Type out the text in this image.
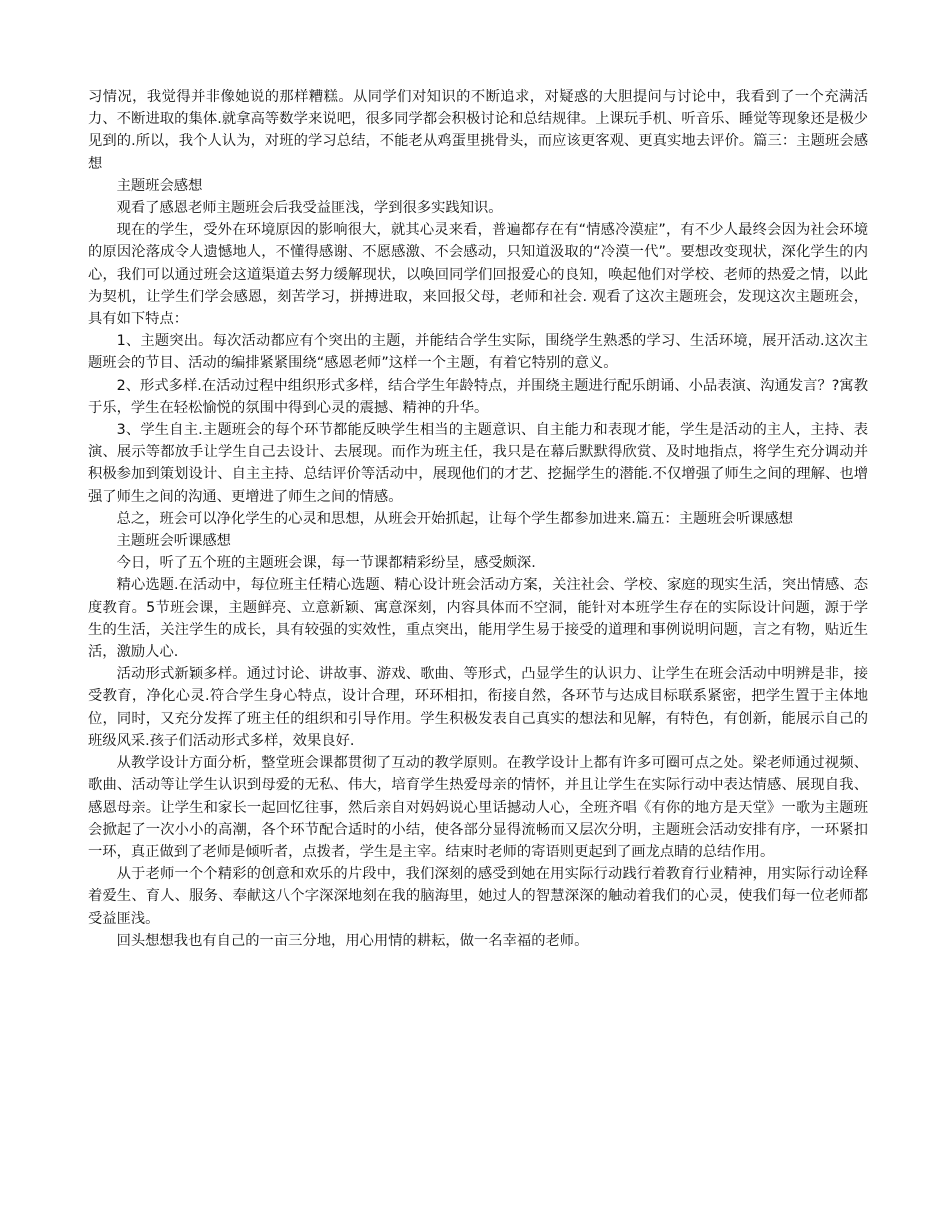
习情况，我觉得并非像她说的那样糟糕。从同学们对知识的不断追求，对疑惑的大胆提问与讨论中，我看到了一个充满活力、不断进取的集体.就拿高等数学来说吧，很多同学都会积极讨论和总结规律。上课玩手机、听音乐、睡觉等现象还是极少见到的.所以，我个人认为，对班的学习总结，不能老从鸡蛋里挑骨头，而应该更客观、更真实地去评价。篇三：主题班会感想

主题班会感想

观看了感恩老师主题班会后我受益匪浅，学到很多实践知识。

现在的学生，受外在环境原因的影响很大，就其心灵来看，普遍都存在有“情感冷漠症”，有不少人最终会因为社会环境的原因沦落成令人遗憾地人，不懂得感谢、不愿感激、不会感动，只知道汲取的“冷漠一代”。要想改变现状，深化学生的内心，我们可以通过班会这道渠道去努力缓解现状，以唤回同学们回报爱心的良知，唤起他们对学校、老师的热爱之情，以此为契机，让学生们学会感恩，刻苦学习，拼搏进取，来回报父母，老师和社会. 观看了这次主题班会，发现这次主题班会，具有如下特点：

1、主题突出。每次活动都应有个突出的主题，并能结合学生实际，围绕学生熟悉的学习、生活环境，展开活动.这次主题班会的节目、活动的编排紧紧围绕“感恩老师”这样一个主题，有着它特别的意义。

2、形式多样.在活动过程中组织形式多样，结合学生年龄特点，并围绕主题进行配乐朗诵、小品表演、沟通发言？?寓教于乐，学生在轻松愉悦的氛围中得到心灵的震撼、精神的升华。

3、学生自主.主题班会的每个环节都能反映学生相当的主题意识、自主能力和表现才能，学生是活动的主人，主持、表演、展示等都放手让学生自己去设计、去展现。而作为班主任，我只是在幕后默默得欣赏、及时地指点，将学生充分调动并积极参加到策划设计、自主主持、总结评价等活动中，展现他们的才艺、挖掘学生的潜能.不仅增强了师生之间的理解、也增强了师生之间的沟通、更增进了师生之间的情感。

总之，班会可以净化学生的心灵和思想，从班会开始抓起，让每个学生都参加进来.篇五：主题班会听课感想

主题班会听课感想

今日，听了五个班的主题班会课，每一节课都精彩纷呈，感受颇深.

精心选题.在活动中，每位班主任精心选题、精心设计班会活动方案，关注社会、学校、家庭的现实生活，突出情感、态度教育。5节班会课，主题鲜亮、立意新颖、寓意深刻，内容具体而不空洞，能针对本班学生存在的实际设计问题，源于学生的生活，关注学生的成长，具有较强的实效性，重点突出，能用学生易于接受的道理和事例说明问题，言之有物，贴近生活，激励人心.

活动形式新颖多样。通过讨论、讲故事、游戏、歌曲、等形式，凸显学生的认识力、让学生在班会活动中明辨是非，接受教育，净化心灵.符合学生身心特点，设计合理，环环相扣，衔接自然，各环节与达成目标联系紧密，把学生置于主体地位，同时，又充分发挥了班主任的组织和引导作用。学生积极发表自己真实的想法和见解，有特色，有创新，能展示自己的班级风采.孩子们活动形式多样，效果良好.

从教学设计方面分析，整堂班会课都贯彻了互动的教学原则。在教学设计上都有许多可圈可点之处。梁老师通过视频、歌曲、活动等让学生认识到母爱的无私、伟大，培育学生热爱母亲的情怀，并且让学生在实际行动中表达情感、展现自我、感恩母亲。让学生和家长一起回忆往事，然后亲自对妈妈说心里话撼动人心，全班齐唱《有你的地方是天堂》一歌为主题班会掀起了一次小小的高潮，各个环节配合适时的小结，使各部分显得流畅而又层次分明，主题班会活动安排有序，一环紧扣一环，真正做到了老师是倾听者，点拨者，学生是主宰。结束时老师的寄语则更起到了画龙点睛的总结作用。

从于老师一个个精彩的创意和欢乐的片段中，我们深刻的感受到她在用实际行动践行着教育行业精神，用实际行动诠释着爱生、育人、服务、奉献这八个字深深地刻在我的脑海里，她过人的智慧深深的触动着我们的心灵，使我们每一位老师都受益匪浅。

回头想想我也有自己的一亩三分地，用心用情的耕耘，做一名幸福的老师。
